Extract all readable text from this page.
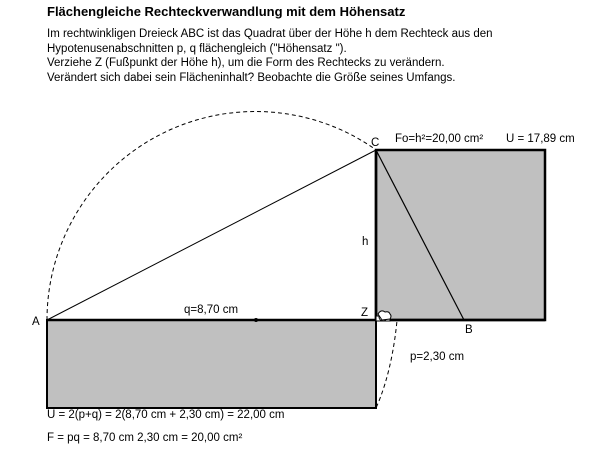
Flächengleiche Rechteckverwandlung mit dem Höhensatz
Im rechtwinkligen Dreieck ABC ist das Quadrat über der Höhe h dem Rechteck aus den
Hypotenusenabschnitten p, q flächengleich ("Höhensatz ").
Verziehe Z (Fußpunkt der Höhe h), um die Form des Rechtecks zu verändern.
Verändert sich dabei sein Flächeninhalt? Beobachte die Größe seines Umfangs.
A
C
Z
B
h
q=8,70 cm
p=2,30 cm
Fo=h²=20,00 cm² U = 17,89 cm
U = 2(p+q) = 2(8,70 cm + 2,30 cm) = 22,00 cm
F = pq = 8,70 cm 2,30 cm = 20,00 cm²
